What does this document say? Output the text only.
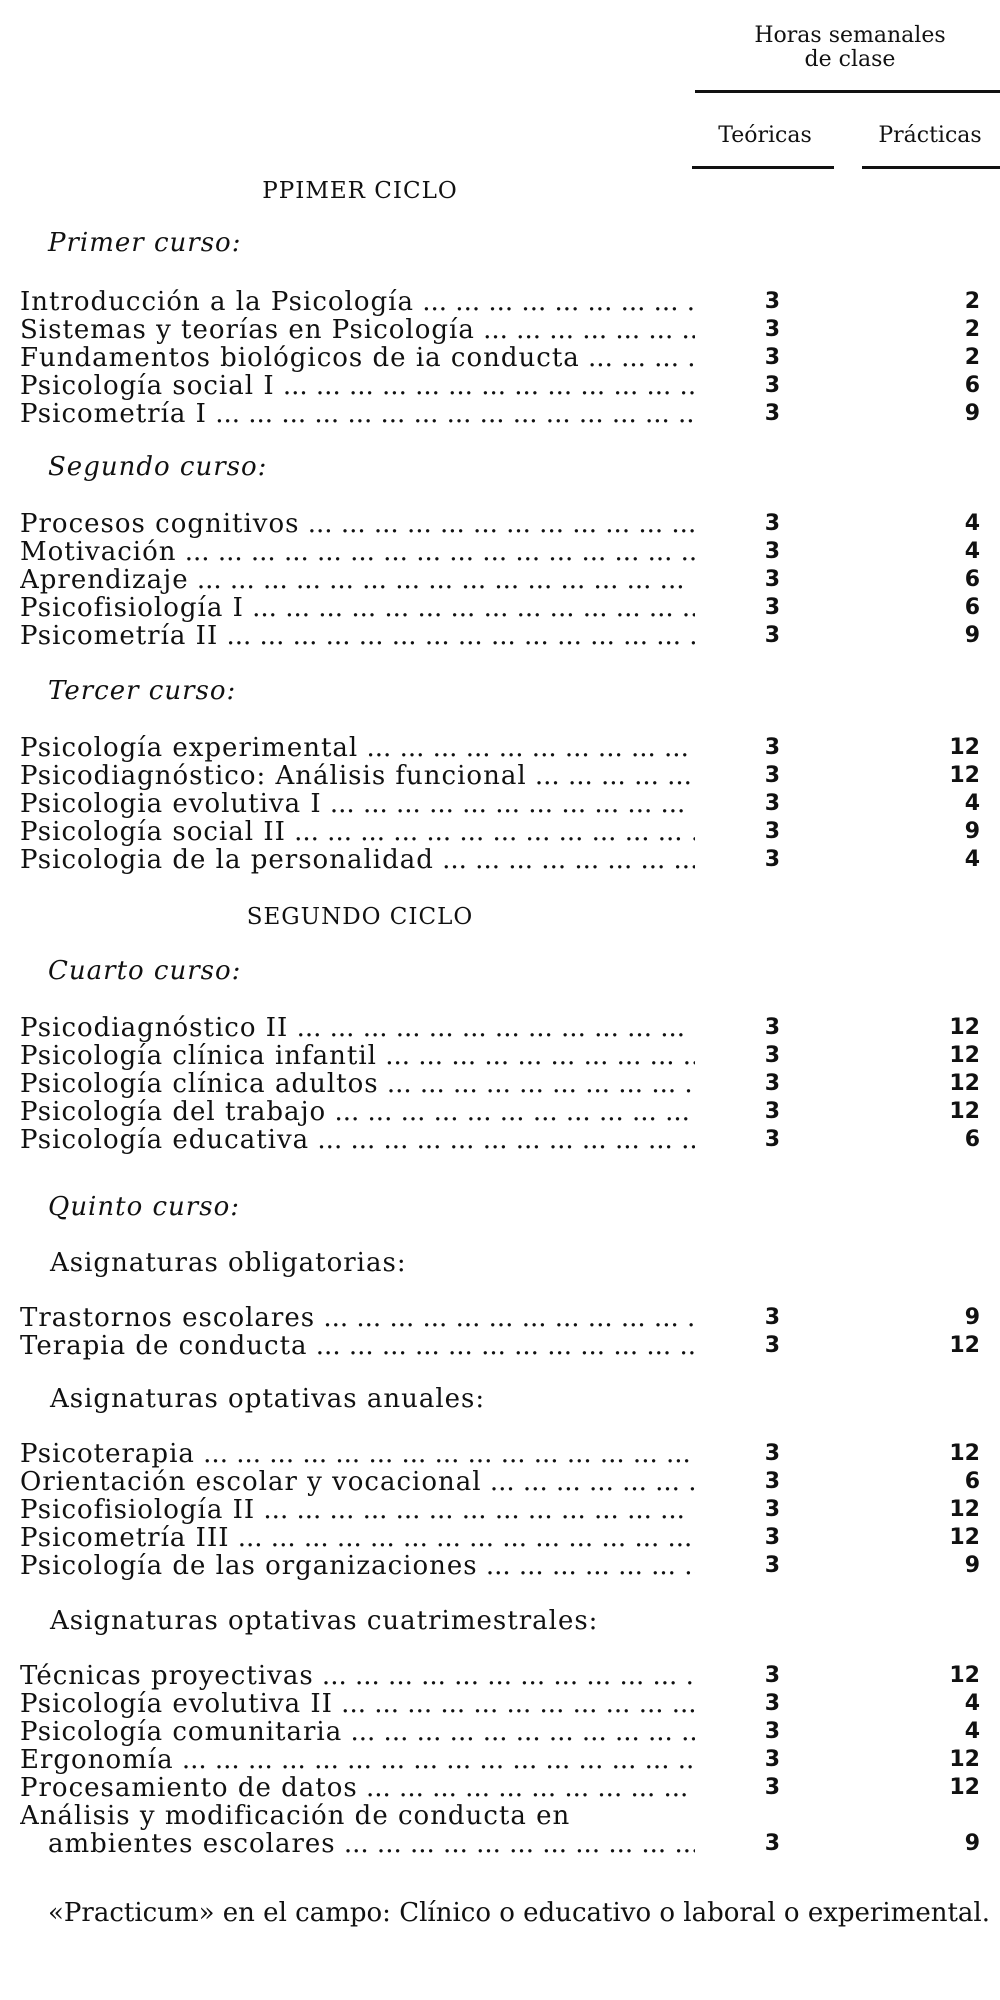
Horas semanales
de clase
Teóricas	Prácticas
PPIMER CICLO
Primer curso:
Introducción a la Psicología ... .	3	2
Sistemas y teorías en Psicología ... .	3	2
Fundamentos biológicos de ia conducta ... .	3	2
Psicología social I ... .	3	6
Psicometría I ... .	3	9
Segundo curso:
Procesos cognitivos ... .	3	4
Motivación ... .	3	4
Aprendizaje ... .	3	6
Psicofisiología I ... .	3	6
Psicometría II ... .	3	9
Tercer curso:
Psicología experimental ... .	3	12
Psicodiagnóstico: Análisis funcional ... .	3	12
Psicologia evolutiva I ... .	3	4
Psicología social II ... .	3	9
Psicologia de la personalidad ... .	3	4
SEGUNDO CICLO
Cuarto curso:
Psicodiagnóstico II ... .	3	12
Psicología clínica infantil ... .	3	12
Psicología clínica adultos ... .	3	12
Psicología del trabajo ... .	3	12
Psicología educativa ... .	3	6
Quinto curso:
Asignaturas obligatorias:
Trastornos escolares ... .	3	9
Terapia de conducta ... .	3	12
Asignaturas optativas anuales:
Psicoterapia ... .	3	12
Orientación escolar y vocacional ... .	3	6
Psicofisiología II ... .	3	12
Psicometría III ... .	3	12
Psicología de las organizaciones ... .	3	9
Asignaturas optativas cuatrimestrales:
Técnicas proyectivas ... .	3	12
Psicología evolutiva II ... .	3	4
Psicología comunitaria ... .	3	4
Ergonomía ... .	3	12
Procesamiento de datos ... .	3	12
Análisis y modificación de conducta en
ambientes escolares ... .	3	9
«Practicum» en el campo: Clínico o educativo o laboral o experimental.
